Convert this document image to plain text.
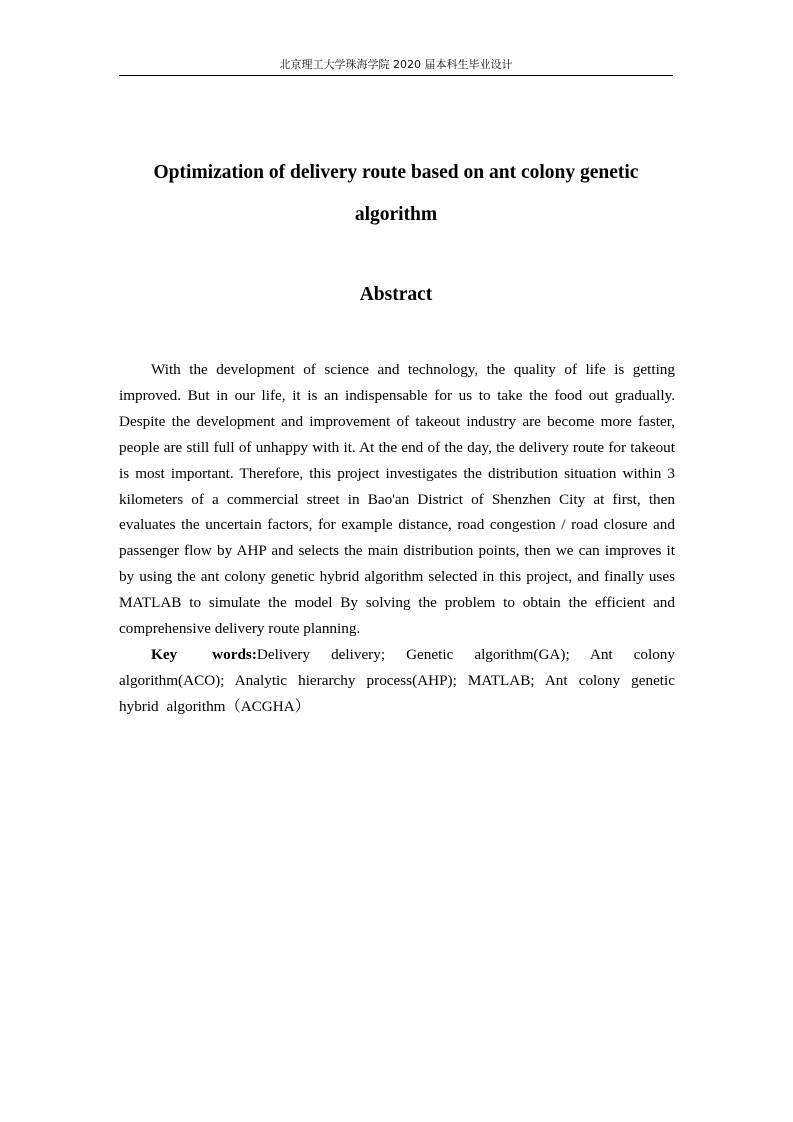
北京理工大学珠海学院 2020 届本科生毕业设计
Optimization of delivery route based on ant colony genetic
algorithm
Abstract

With the development of science and technology, the quality of life is getting improved. But in our life, it is an indispensable for us to take the food out gradually. Despite the development and improvement of takeout industry are become more faster, people are still full of unhappy with it. At the end of the day, the delivery route for takeout is most important. Therefore, this project investigates the distribution situation within 3 kilometers of a commercial street in Bao'an District of Shenzhen City at first, then evaluates the uncertain factors, for example distance, road congestion / road closure and passenger flow by AHP and selects the main distribution points, then we can improves it by using the ant colony genetic hybrid algorithm selected in this project, and finally uses MATLAB to simulate the model By solving the problem to obtain the efficient and comprehensive delivery route planning.

Key words:Delivery delivery; Genetic algorithm(GA); Ant colony algorithm(ACO); Analytic hierarchy process(AHP); MATLAB; Ant colony genetic hybrid algorithm（ACGHA）
